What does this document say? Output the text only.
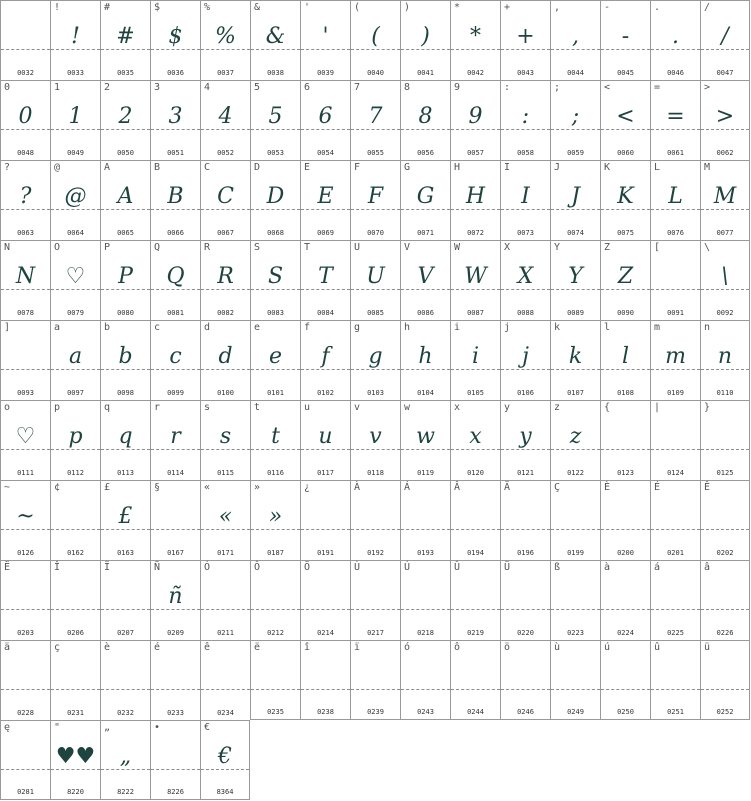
0032
!
!
0033
#
#
0035
$
$
0036
%
%
0037
&
&
0038
'
'
0039
(
(
0040
)
)
0041
*
*
0042
+
+
0043
,
,
0044
-
-
0045
.
.
0046
/
/
0047
0
0
0048
1
1
0049
2
2
0050
3
3
0051
4
4
0052
5
5
0053
6
6
0054
7
7
0055
8
8
0056
9
9
0057
:
:
0058
;
;
0059
<
<
0060
=
=
0061
>
>
0062
?
?
0063
@
@
0064
A
A
0065
B
B
0066
C
C
0067
D
D
0068
E
E
0069
F
F
0070
G
G
0071
H
H
0072
I
I
0073
J
J
0074
K
K
0075
L
L
0076
M
M
0077
N
N
0078
O
♡
0079
P
P
0080
Q
Q
0081
R
R
0082
S
S
0083
T
T
0084
U
U
0085
V
V
0086
W
W
0087
X
X
0088
Y
Y
0089
Z
Z
0090
[
0091
\
\
0092
]
0093
a
a
0097
b
b
0098
c
c
0099
d
d
0100
e
e
0101
f
f
0102
g
g
0103
h
h
0104
i
i
0105
j
j
0106
k
k
0107
l
l
0108
m
m
0109
n
n
0110
o
♡
0111
p
p
0112
q
q
0113
r
r
0114
s
s
0115
t
t
0116
u
u
0117
v
v
0118
w
w
0119
x
x
0120
y
y
0121
z
z
0122
{
0123
|
0124
}
0125
~
~
0126
¢
0162
£
£
0163
§
0167
«
«
0171
»
»
0187
¿
0191
À
0192
Á
0193
Â
0194
Ä
0196
Ç
0199
È
0200
É
0201
Ê
0202
Ë
0203
Î
0206
Ï
0207
Ñ
ñ
0209
Ó
0211
Ô
0212
Ö
0214
Ù
0217
Ú
0218
Û
0219
Ü
0220
ß
0223
à
0224
á
0225
â
0226
ä
0228
ç
0231
è
0232
é
0233
ê
0234
ë
0235
î
0238
ï
0239
ó
0243
ô
0244
ö
0246
ù
0249
ú
0250
û
0251
ü
0252
ę
0281
"
♥♥
8220
„
„
8222
•
8226
€
€
8364
